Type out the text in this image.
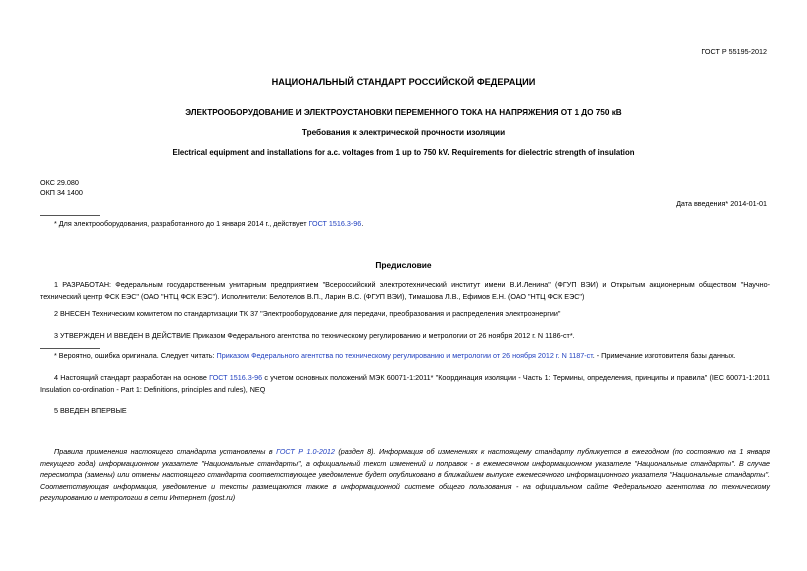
ГОСТ Р 55195-2012
НАЦИОНАЛЬНЫЙ СТАНДАРТ РОССИЙСКОЙ ФЕДЕРАЦИИ
ЭЛЕКТРООБОРУДОВАНИЕ И ЭЛЕКТРОУСТАНОВКИ ПЕРЕМЕННОГО ТОКА НА НАПРЯЖЕНИЯ ОТ 1 ДО 750 кВ
Требования к электрической прочности изоляции
Electrical equipment and installations for a.c. voltages from 1 up to 750 kV. Requirements for dielectric strength of insulation
ОКС 29.080
ОКП 34 1400
Дата введения* 2014-01-01
* Для электрооборудования, разработанного до 1 января 2014 г., действует ГОСТ 1516.3-96.
Предисловие
1 РАЗРАБОТАН: Федеральным государственным унитарным предприятием "Всероссийский электротехнический институт имени В.И.Ленина" (ФГУП ВЭИ) и Открытым акционерным обществом "Научно-технический центр ФСК ЕЭС" (ОАО "НТЦ ФСК ЕЭС"). Исполнители: Белотелов В.П., Ларин В.С. (ФГУП ВЭИ), Тимашова Л.В., Ефимов Е.Н. (ОАО "НТЦ ФСК ЕЭС")
2 ВНЕСЕН Техническим комитетом по стандартизации ТК 37 "Электрооборудование для передачи, преобразования и распределения электроэнергии"
3 УТВЕРЖДЕН И ВВЕДЕН В ДЕЙСТВИЕ Приказом Федерального агентства по техническому регулированию и метрологии от 26 ноября 2012 г. N 1186-ст*.
* Вероятно, ошибка оригинала. Следует читать: Приказом Федерального агентства по техническому регулированию и метрологии от 26 ноября 2012 г. N 1187-ст. - Примечание изготовителя базы данных.
4 Настоящий стандарт разработан на основе ГОСТ 1516.3-96 с учетом основных положений МЭК 60071-1:2011* "Координация изоляции - Часть 1: Термины, определения, принципы и правила" (IEC 60071-1:2011 Insulation co-ordination - Part 1: Definitions, principles and rules), NEQ
5 ВВЕДЕН ВПЕРВЫЕ
Правила применения настоящего стандарта установлены в ГОСТ Р 1.0-2012 (раздел 8). Информация об изменениях к настоящему стандарту публикуется в ежегодном (по состоянию на 1 января текущего года) информационном указателе "Национальные стандарты", а официальный текст изменений и поправок - в ежемесячном информационном указателе "Национальные стандарты". В случае пересмотра (замены) или отмены настоящего стандарта соответствующее уведомление будет опубликовано в ближайшем выпуске ежемесячного информационного указателя "Национальные стандарты". Соответствующая информация, уведомление и тексты размещаются также в информационной системе общего пользования - на официальном сайте Федерального агентства по техническому регулированию и метрологии в сети Интернет (gost.ru)
